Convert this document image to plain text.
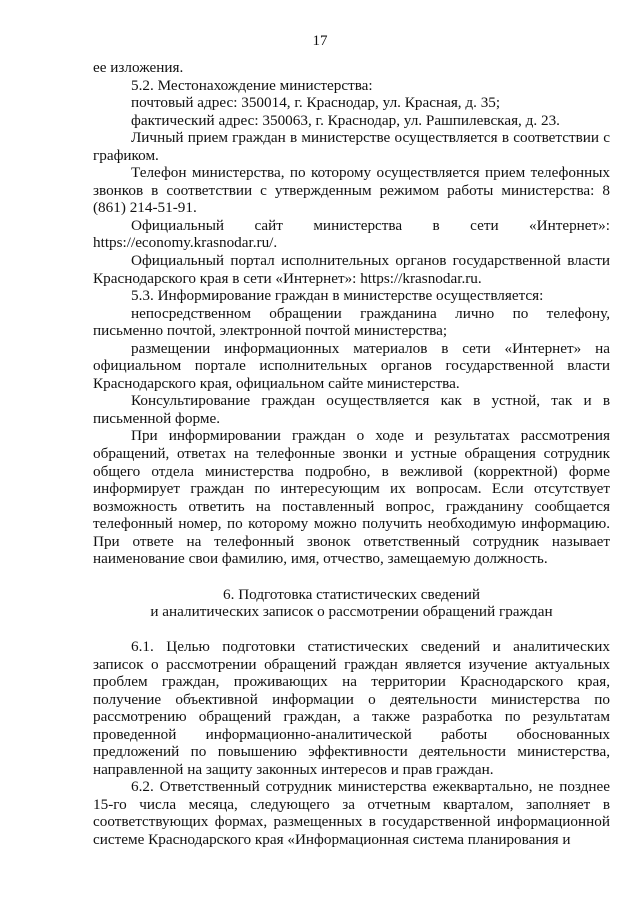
17

ее изложения.

5.2. Местонахождение министерства:

почтовый адрес: 350014, г. Краснодар, ул. Красная, д. 35;

фактический адрес: 350063, г. Краснодар, ул. Рашпилевская, д. 23.

Личный прием граждан в министерстве осуществляется в соответствии с графиком.

Телефон министерства, по которому осуществляется прием телефонных звонков в соответствии с утвержденным режимом работы министерства: 8 (861) 214-51-91.

Официальный сайт министерства в сети «Интернет»: https://economy.krasnodar.ru/.

Официальный портал исполнительных органов государственной власти Краснодарского края в сети «Интернет»: https://krasnodar.ru.

5.3. Информирование граждан в министерстве осуществляется:

непосредственном обращении гражданина лично по телефону, письменно почтой, электронной почтой министерства;

размещении информационных материалов в сети «Интернет» на официальном портале исполнительных органов государственной власти Краснодарского края, официальном сайте министерства.

Консультирование граждан осуществляется как в устной, так и в письменной форме.

При информировании граждан о ходе и результатах рассмотрения обращений, ответах на телефонные звонки и устные обращения сотрудник общего отдела министерства подробно, в вежливой (корректной) форме информирует граждан по интересующим их вопросам. Если отсутствует возможность ответить на поставленный вопрос, гражданину сообщается телефонный номер, по которому можно получить необходимую информацию. При ответе на телефонный звонок ответственный сотрудник называет наименование свои фамилию, имя, отчество, замещаемую должность.

6. Подготовка статистических сведений

и аналитических записок о рассмотрении обращений граждан

6.1. Целью подготовки статистических сведений и аналитических записок о рассмотрении обращений граждан является изучение актуальных проблем граждан, проживающих на территории Краснодарского края, получение объективной информации о деятельности министерства по рассмотрению обращений граждан, а также разработка по результатам проведенной информационно-аналитической работы обоснованных предложений по повышению эффективности деятельности министерства, направленной на защиту законных интересов и прав граждан.

6.2. Ответственный сотрудник министерства ежеквартально, не позднее 15-го числа месяца, следующего за отчетным кварталом, заполняет в соответствующих формах, размещенных в государственной информационной системе Краснодарского края «Информационная система планирования и
